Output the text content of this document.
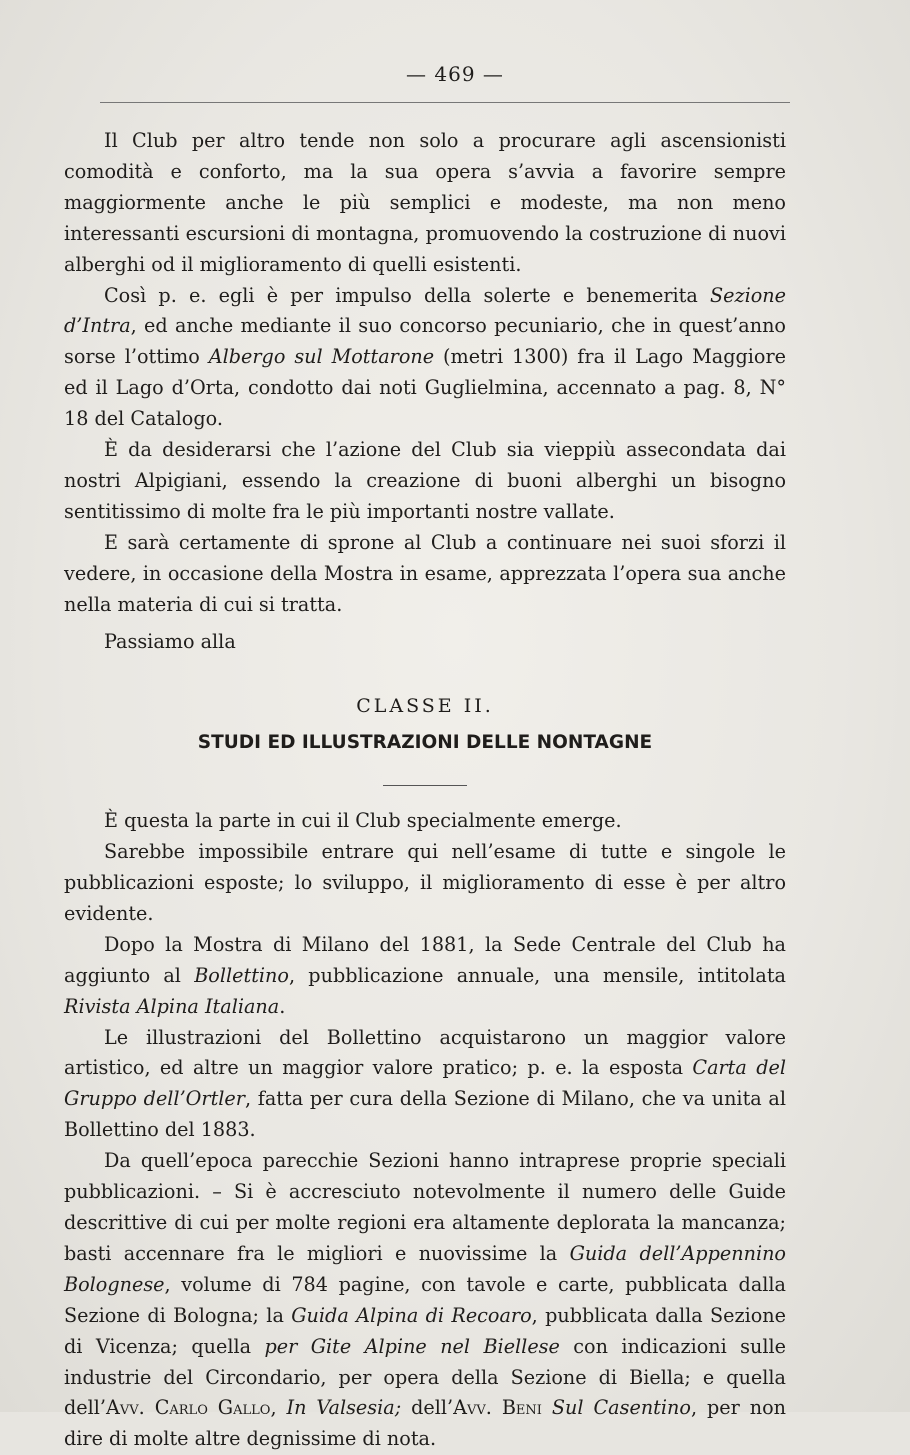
— 469 —

Il Club per altro tende non solo a procurare agli ascensionisti comodità e conforto, ma la sua opera s’avvia a favorire sempre maggiormente anche le più semplici e modeste, ma non meno interessanti escursioni di montagna, promuovendo la costruzione di nuovi alberghi od il miglioramento di quelli esistenti.

Così p. e. egli è per impulso della solerte e benemerita Sezione d’Intra, ed anche mediante il suo concorso pecuniario, che in quest’anno sorse l’ottimo Albergo sul Mottarone (metri 1300) fra il Lago Maggiore ed il Lago d’Orta, condotto dai noti Guglielmina, accennato a pag. 8, N° 18 del Catalogo.

È da desiderarsi che l’azione del Club sia vieppiù assecondata dai nostri Alpigiani, essendo la creazione di buoni alberghi un bisogno sentitissimo di molte fra le più importanti nostre vallate.

E sarà certamente di sprone al Club a continuare nei suoi sforzi il vedere, in occasione della Mostra in esame, apprezzata l’opera sua anche nella materia di cui si tratta.

Passiamo alla

CLASSE II.

STUDI ED ILLUSTRAZIONI DELLE NONTAGNE

È questa la parte in cui il Club specialmente emerge.

Sarebbe impossibile entrare qui nell’esame di tutte e singole le pubblicazioni esposte; lo sviluppo, il miglioramento di esse è per altro evidente.

Dopo la Mostra di Milano del 1881, la Sede Centrale del Club ha aggiunto al Bollettino, pubblicazione annuale, una mensile, intitolata Rivista Alpina Italiana.

Le illustrazioni del Bollettino acquistarono un maggior valore artistico, ed altre un maggior valore pratico; p. e. la esposta Carta del Gruppo dell’Ortler, fatta per cura della Sezione di Milano, che va unita al Bollettino del 1883.

Da quell’epoca parecchie Sezioni hanno intraprese proprie speciali pubblicazioni. – Si è accresciuto notevolmente il numero delle Guide descrittive di cui per molte regioni era altamente deplorata la mancanza; basti accennare fra le migliori e nuovissime la Guida dell’Appennino Bolognese, volume di 784 pagine, con tavole e carte, pubblicata dalla Sezione di Bologna; la Guida Alpina di Recoaro, pubblicata dalla Sezione di Vicenza; quella per Gite Alpine nel Biellese con indicazioni sulle industrie del Circondario, per opera della Sezione di Biella; e quella dell’Avv. Carlo Gallo, In Valsesia; dell’Avv. Beni Sul Casentino, per non dire di molte altre degnissime di nota.
